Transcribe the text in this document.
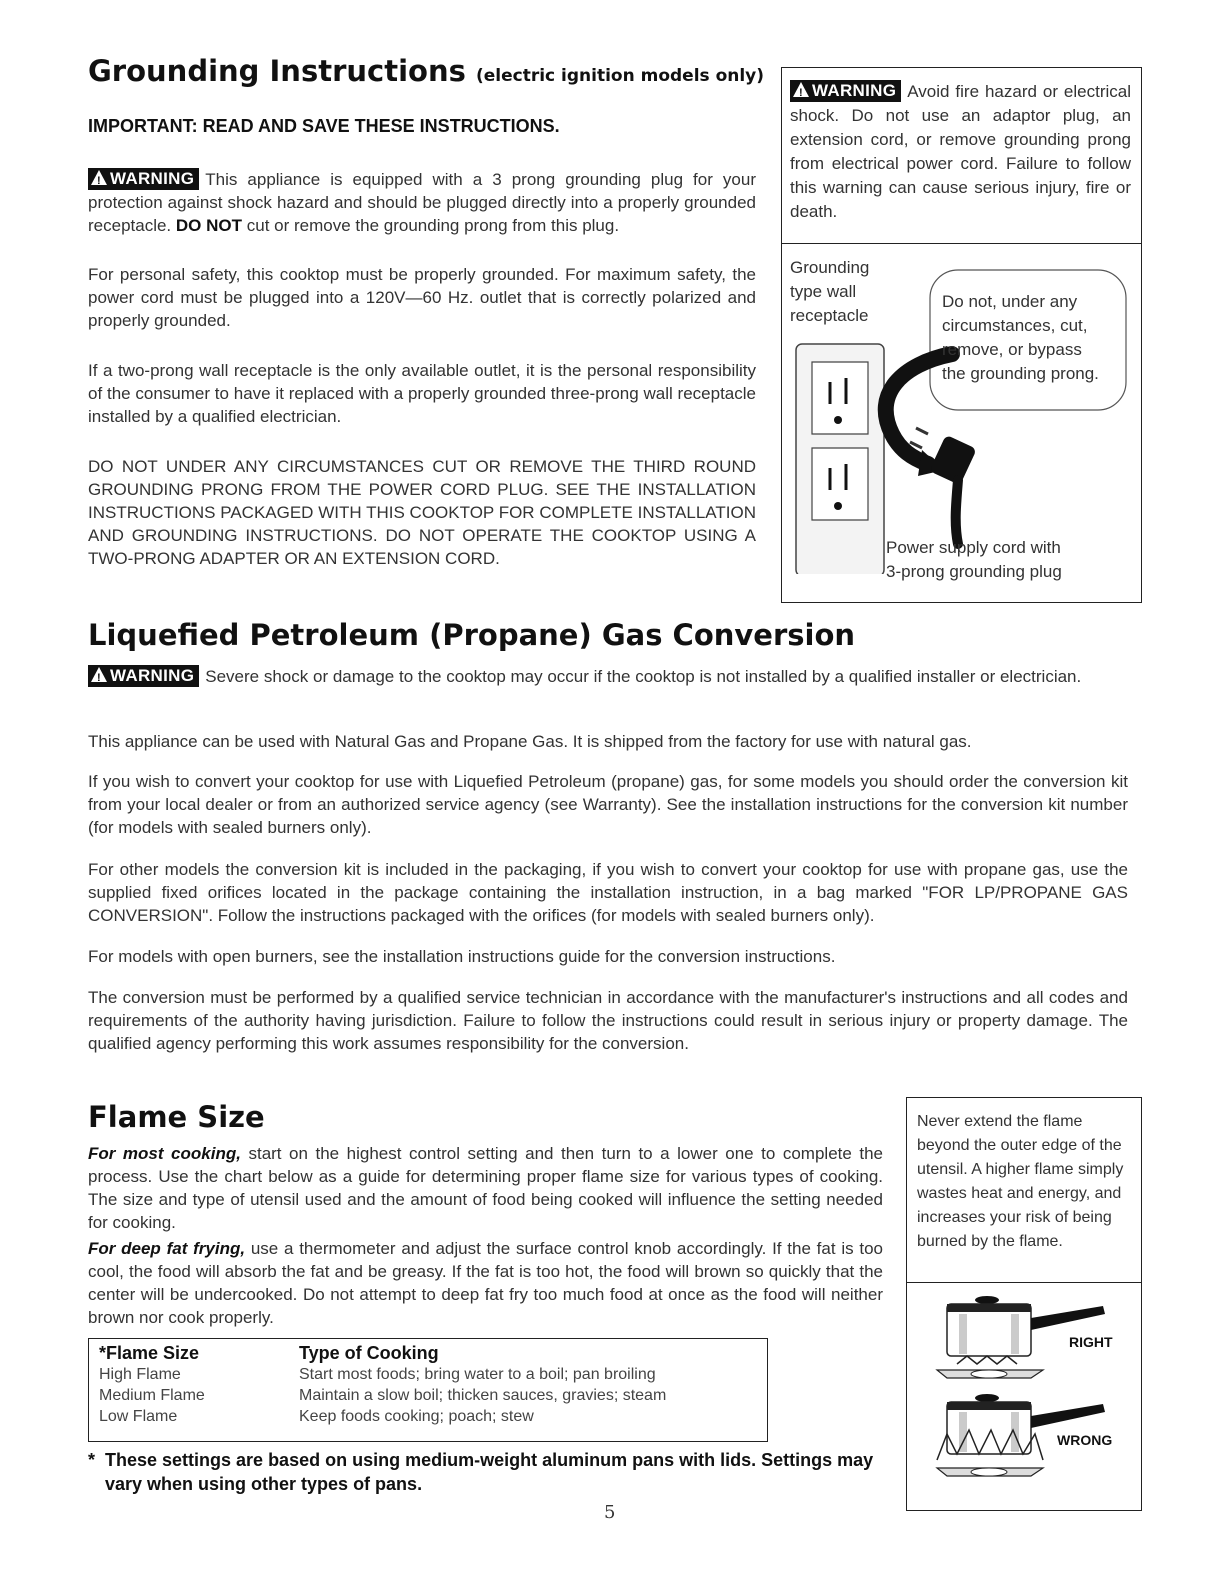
Grounding Instructions (electric ignition models only)

IMPORTANT: READ AND SAVE THESE INSTRUCTIONS.

!WARNING This appliance is equipped with a 3 prong grounding plug for your protection against shock hazard and should be plugged directly into a properly grounded receptacle. DO NOT cut or remove the grounding prong from this plug.

For personal safety, this cooktop must be properly grounded. For maximum safety, the power cord must be plugged into a 120V—60 Hz. outlet that is correctly polarized and properly grounded.

If a two-prong wall receptacle is the only available outlet, it is the personal responsibility of the consumer to have it replaced with a properly grounded three-prong wall receptacle installed by a qualified electrician.

DO NOT UNDER ANY CIRCUMSTANCES CUT OR REMOVE THE THIRD ROUND GROUNDING PRONG FROM THE POWER CORD PLUG. SEE THE INSTALLATION INSTRUCTIONS PACKAGED WITH THIS COOKTOP FOR COMPLETE INSTALLATION AND GROUNDING INSTRUCTIONS. DO NOT OPERATE THE COOKTOP USING A TWO-PRONG ADAPTER OR AN EXTENSION CORD.

!WARNING Avoid fire hazard or electrical shock. Do not use an adaptor plug, an extension cord, or remove grounding prong from electrical power cord. Failure to follow this warning can cause serious injury, fire or death.

Grounding
type wall
receptacle
Do not, under any
circumstances, cut,
remove, or bypass
the grounding prong.
Power supply cord with
3-prong grounding plug
Liquefied Petroleum (Propane) Gas Conversion

!WARNING Severe shock or damage to the cooktop may occur if the cooktop is not installed by a qualified installer or electrician.

This appliance can be used with Natural Gas and Propane Gas. It is shipped from the factory for use with natural gas.

If you wish to convert your cooktop for use with Liquefied Petroleum (propane) gas, for some models you should order the conversion kit from your local dealer or from an authorized service agency (see Warranty). See the installation instructions for the conversion kit number (for models with sealed burners only).

For other models the conversion kit is included in the packaging, if you wish to convert your cooktop for use with propane gas, use the supplied fixed orifices located in the package containing the installation instruction, in a bag marked "FOR LP/PROPANE GAS CONVERSION". Follow the instructions packaged with the orifices (for models with sealed burners only).

For models with open burners, see the installation instructions guide for the conversion instructions.

The conversion must be performed by a qualified service technician in accordance with the manufacturer's instructions and all codes and requirements of the authority having jurisdiction. Failure to follow the instructions could result in serious injury or property damage. The qualified agency performing this work assumes responsibility for the conversion.

Flame Size

For most cooking, start on the highest control setting and then turn to a lower one to complete the process. Use the chart below as a guide for determining proper flame size for various types of cooking. The size and type of utensil used and the amount of food being cooked will influence the setting needed for cooking.

For deep fat frying, use a thermometer and adjust the surface control knob accordingly. If the fat is too cool, the food will absorb the fat and be greasy. If the fat is too hot, the food will brown so quickly that the center will be undercooked. Do not attempt to deep fat fry too much food at once as the food will neither brown nor cook properly.

*Flame Size	Type of Cooking
High Flame	Start most foods; bring water to a boil; pan broiling
Medium Flame	Maintain a slow boil; thicken sauces, gravies; steam
Low Flame	Keep foods cooking; poach; stew
* These settings are based on using medium-weight aluminum pans with lids. Settings may vary when using other types of pans.

Never extend the flame beyond the outer edge of the utensil. A higher flame simply wastes heat and energy, and increases your risk of being burned by the flame.

RIGHT
WRONG
5
